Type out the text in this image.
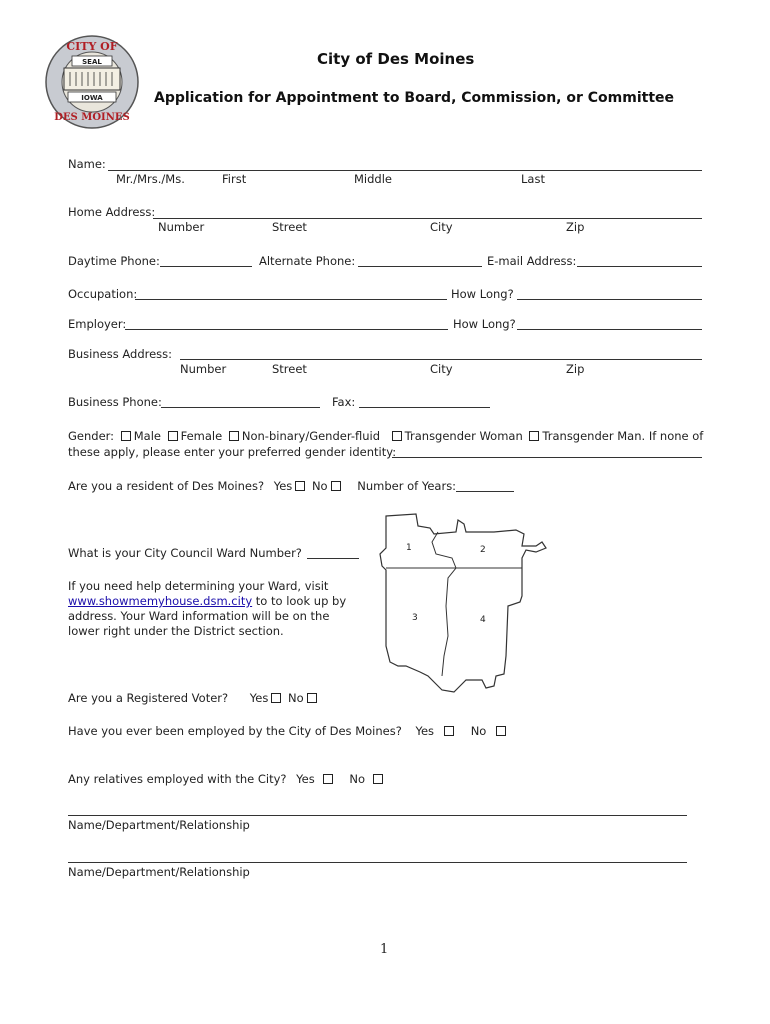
CITY OF
SEAL
IOWA
DES MOINES
City of Des Moines
Application for Appointment to Board, Commission, or Committee
Name:
Mr./Mrs./Ms.	First	Middle	Last
Home Address:
Number	Street	City	Zip
Daytime Phone:	Alternate Phone:	E-mail Address:
Occupation:	How Long?
Employer:	How Long?
Business Address:
Number	Street	City	Zip
Business Phone:	Fax:
Gender: Male Female Non-binary/Gender-fluid Transgender Woman Transgender Man. If none of
these apply, please enter your preferred gender identity:
Are you a resident of Des Moines? Yes No	Number of Years:
What is your City Council Ward Number?
If you need help determining your Ward, visit
www.showmemyhouse.dsm.city to to look up by
address. Your Ward information will be on the
lower right under the District section.
1	2
3	4
Are you a Registered Voter? Yes No
Have you ever been employed by the City of Des Moines? Yes	No
Any relatives employed with the City? Yes	No
Name/Department/Relationship
Name/Department/Relationship
1
